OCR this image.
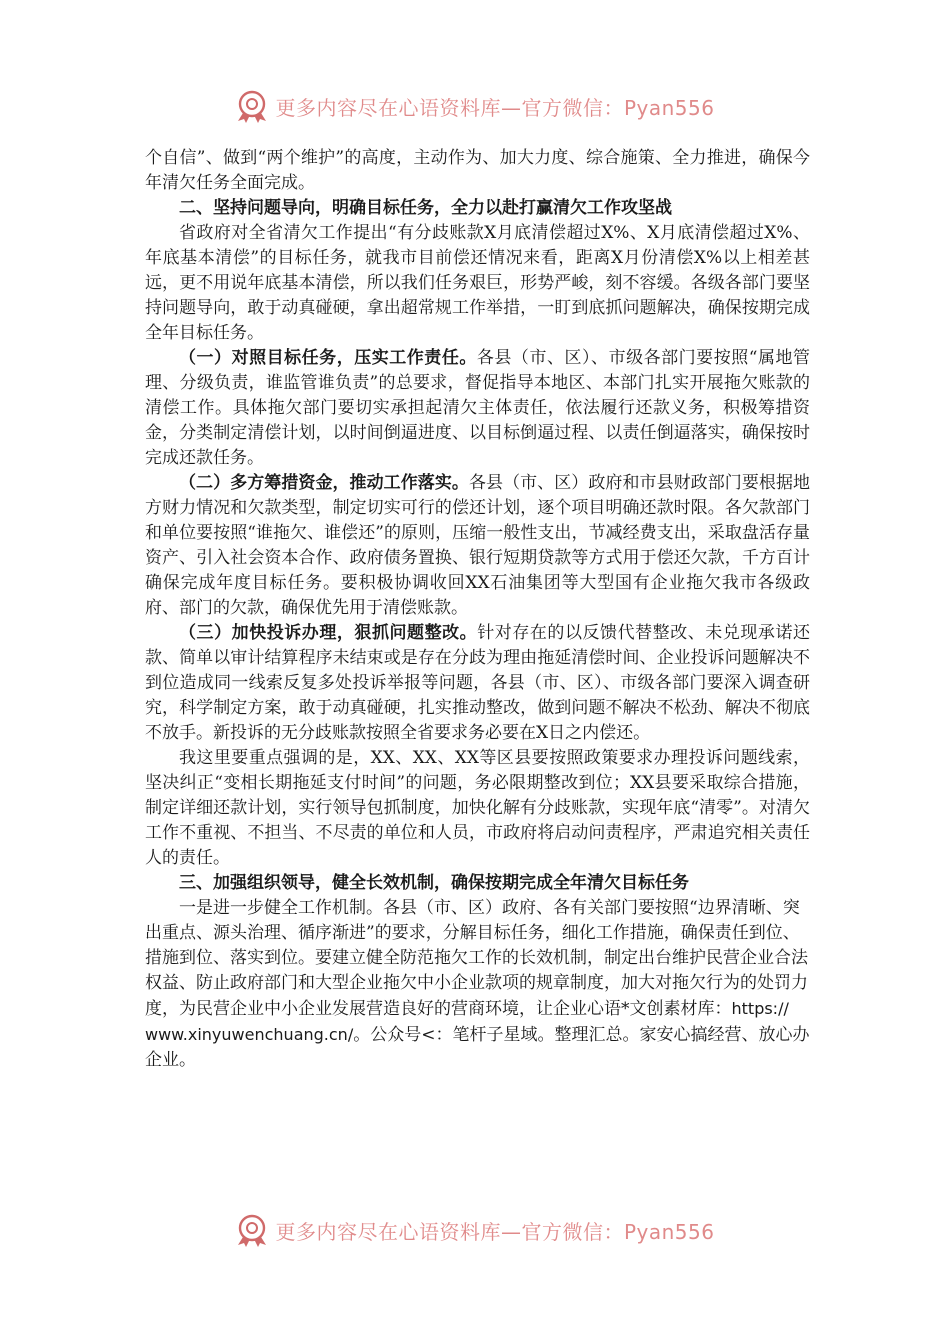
更多内容尽在心语资料库—官方微信：Pyan556

个自信”、做到“两个维护”的高度，主动作为、加大力度、综合施策、全力推进，确保今年清欠任务全面完成。

二、坚持问题导向，明确目标任务，全力以赴打赢清欠工作攻坚战

省政府对全省清欠工作提出“有分歧账款X月底清偿超过X%、X月底清偿超过X%、年底基本清偿”的目标任务，就我市目前偿还情况来看，距离X月份清偿X%以上相差甚远，更不用说年底基本清偿，所以我们任务艰巨，形势严峻，刻不容缓。各级各部门要坚持问题导向，敢于动真碰硬，拿出超常规工作举措，一盯到底抓问题解决，确保按期完成全年目标任务。

（一）对照目标任务，压实工作责任。各县（市、区）、市级各部门要按照“属地管理、分级负责，谁监管谁负责”的总要求，督促指导本地区、本部门扎实开展拖欠账款的清偿工作。具体拖欠部门要切实承担起清欠主体责任，依法履行还款义务，积极筹措资金，分类制定清偿计划，以时间倒逼进度、以目标倒逼过程、以责任倒逼落实，确保按时完成还款任务。

（二）多方筹措资金，推动工作落实。各县（市、区）政府和市县财政部门要根据地方财力情况和欠款类型，制定切实可行的偿还计划，逐个项目明确还款时限。各欠款部门和单位要按照“谁拖欠、谁偿还”的原则，压缩一般性支出，节减经费支出，采取盘活存量资产、引入社会资本合作、政府债务置换、银行短期贷款等方式用于偿还欠款，千方百计确保完成年度目标任务。要积极协调收回XX石油集团等大型国有企业拖欠我市各级政府、部门的欠款，确保优先用于清偿账款。

（三）加快投诉办理，狠抓问题整改。针对存在的以反馈代替整改、未兑现承诺还款、简单以审计结算程序未结束或是存在分歧为理由拖延清偿时间、企业投诉问题解决不到位造成同一线索反复多处投诉举报等问题，各县（市、区）、市级各部门要深入调查研究，科学制定方案，敢于动真碰硬，扎实推动整改，做到问题不解决不松劲、解决不彻底不放手。新投诉的无分歧账款按照全省要求务必要在X日之内偿还。

我这里要重点强调的是，XX、XX、XX等区县要按照政策要求办理投诉问题线索，坚决纠正“变相长期拖延支付时间”的问题，务必限期整改到位；XX县要采取综合措施，制定详细还款计划，实行领导包抓制度，加快化解有分歧账款，实现年底“清零”。对清欠工作不重视、不担当、不尽责的单位和人员，市政府将启动问责程序，严肃追究相关责任人的责任。

三、加强组织领导，健全长效机制，确保按期完成全年清欠目标任务

一是进一步健全工作机制。各县（市、区）政府、各有关部门要按照“边界清晰、突出重点、源头治理、循序渐进”的要求，分解目标任务，细化工作措施，确保责任到位、措施到位、落实到位。要建立健全防范拖欠工作的长效机制，制定出台维护民营企业合法权益、防止政府部门和大型企业拖欠中小企业款项的规章制度，加大对拖欠行为的处罚力度，为民营企业中小企业发展营造良好的营商环境，让企业心语*文创素材库：https://
www.xinyuwenchuang.cn/。公众号<：笔杆子星域。整理汇总。家安心搞经营、放心办企业。

更多内容尽在心语资料库—官方微信：Pyan556
